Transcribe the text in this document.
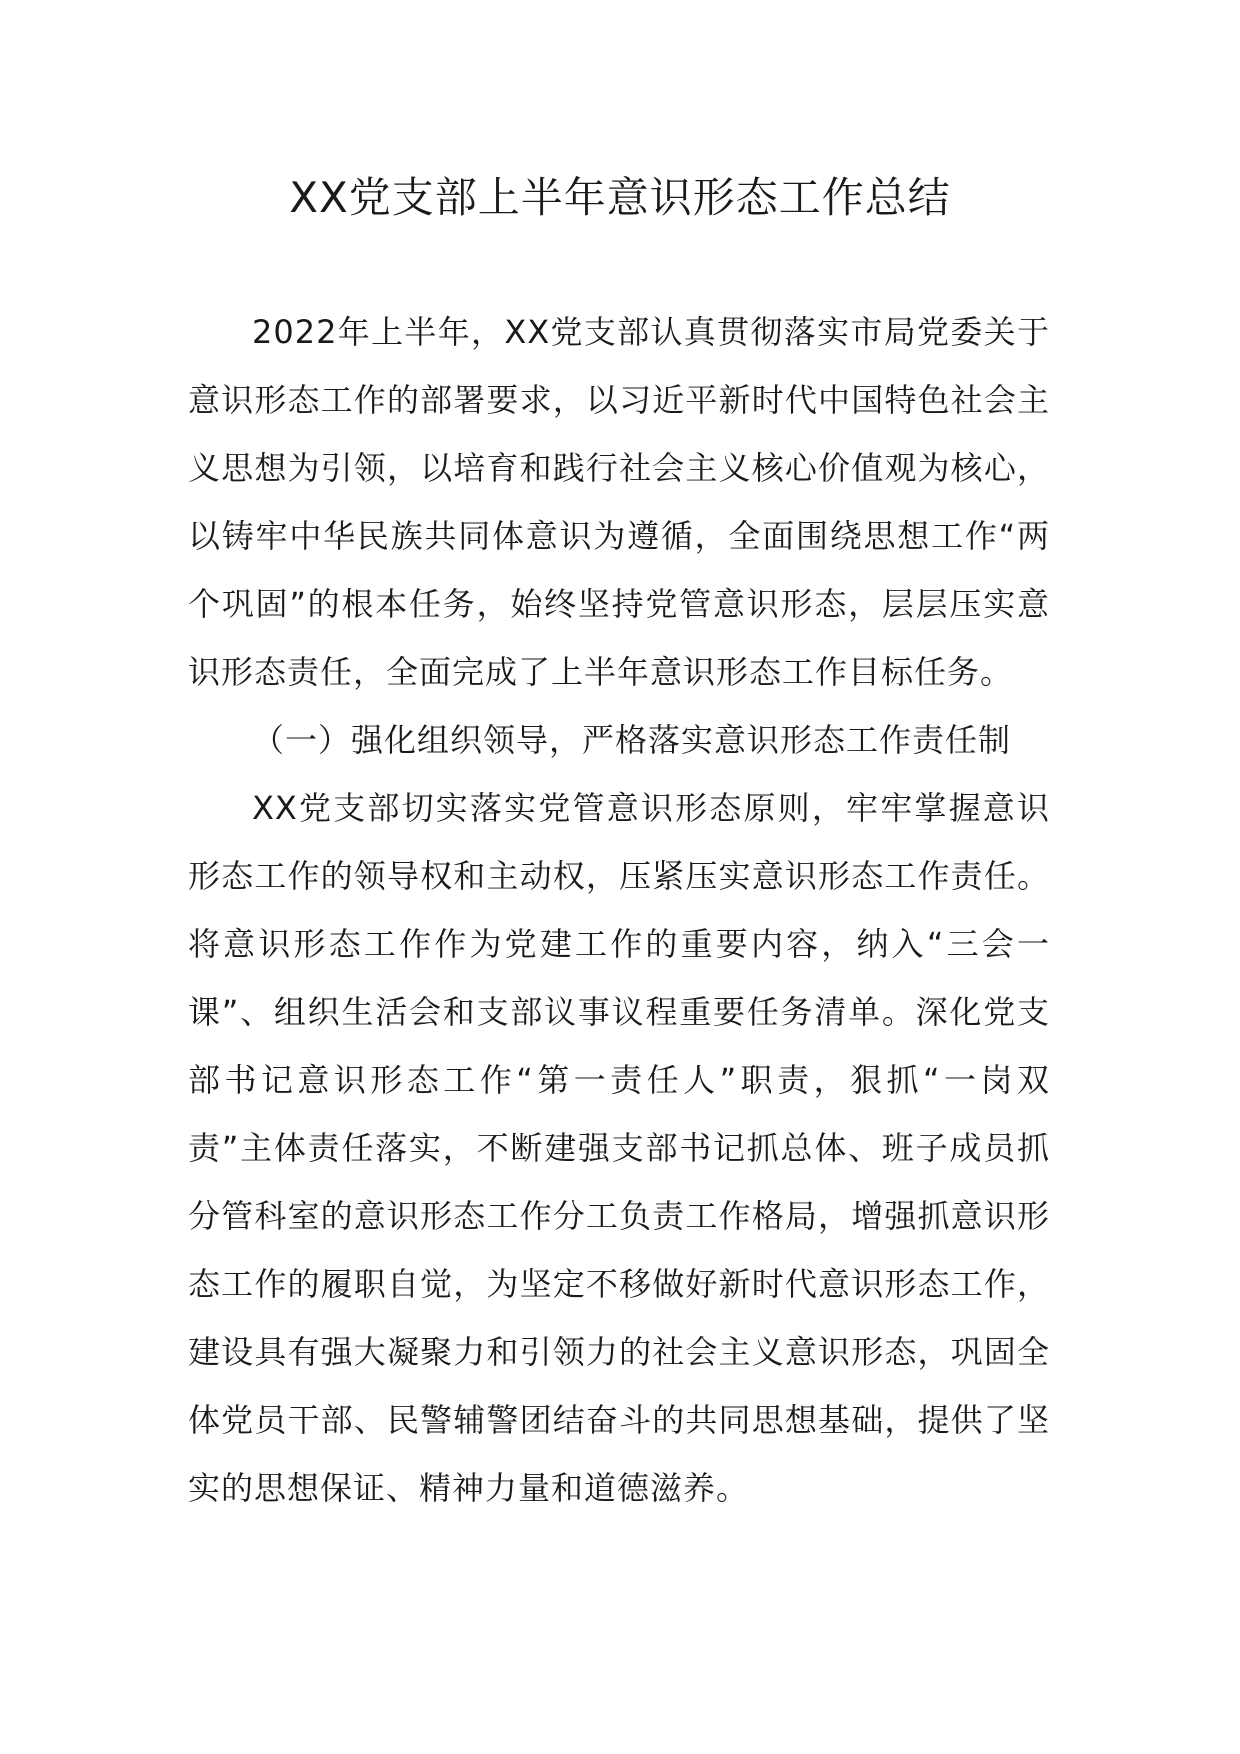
XX党支部上半年意识形态工作总结

2022年上半年，XX党支部认真贯彻落实市局党委关于意识形态工作的部署要求，以习近平新时代中国特色社会主义思想为引领，以培育和践行社会主义核心价值观为核心，以铸牢中华民族共同体意识为遵循，全面围绕思想工作“两个巩固”的根本任务，始终坚持党管意识形态，层层压实意识形态责任，全面完成了上半年意识形态工作目标任务。

（一）强化组织领导，严格落实意识形态工作责任制

XX党支部切实落实党管意识形态原则，牢牢掌握意识形态工作的领导权和主动权，压紧压实意识形态工作责任。将意识形态工作作为党建工作的重要内容，纳入“三会一课”、组织生活会和支部议事议程重要任务清单。深化党支部书记意识形态工作“第一责任人”职责，狠抓“一岗双责”主体责任落实，不断建强支部书记抓总体、班子成员抓分管科室的意识形态工作分工负责工作格局，增强抓意识形态工作的履职自觉，为坚定不移做好新时代意识形态工作，建设具有强大凝聚力和引领力的社会主义意识形态，巩固全体党员干部、民警辅警团结奋斗的共同思想基础，提供了坚实的思想保证、精神力量和道德滋养。
